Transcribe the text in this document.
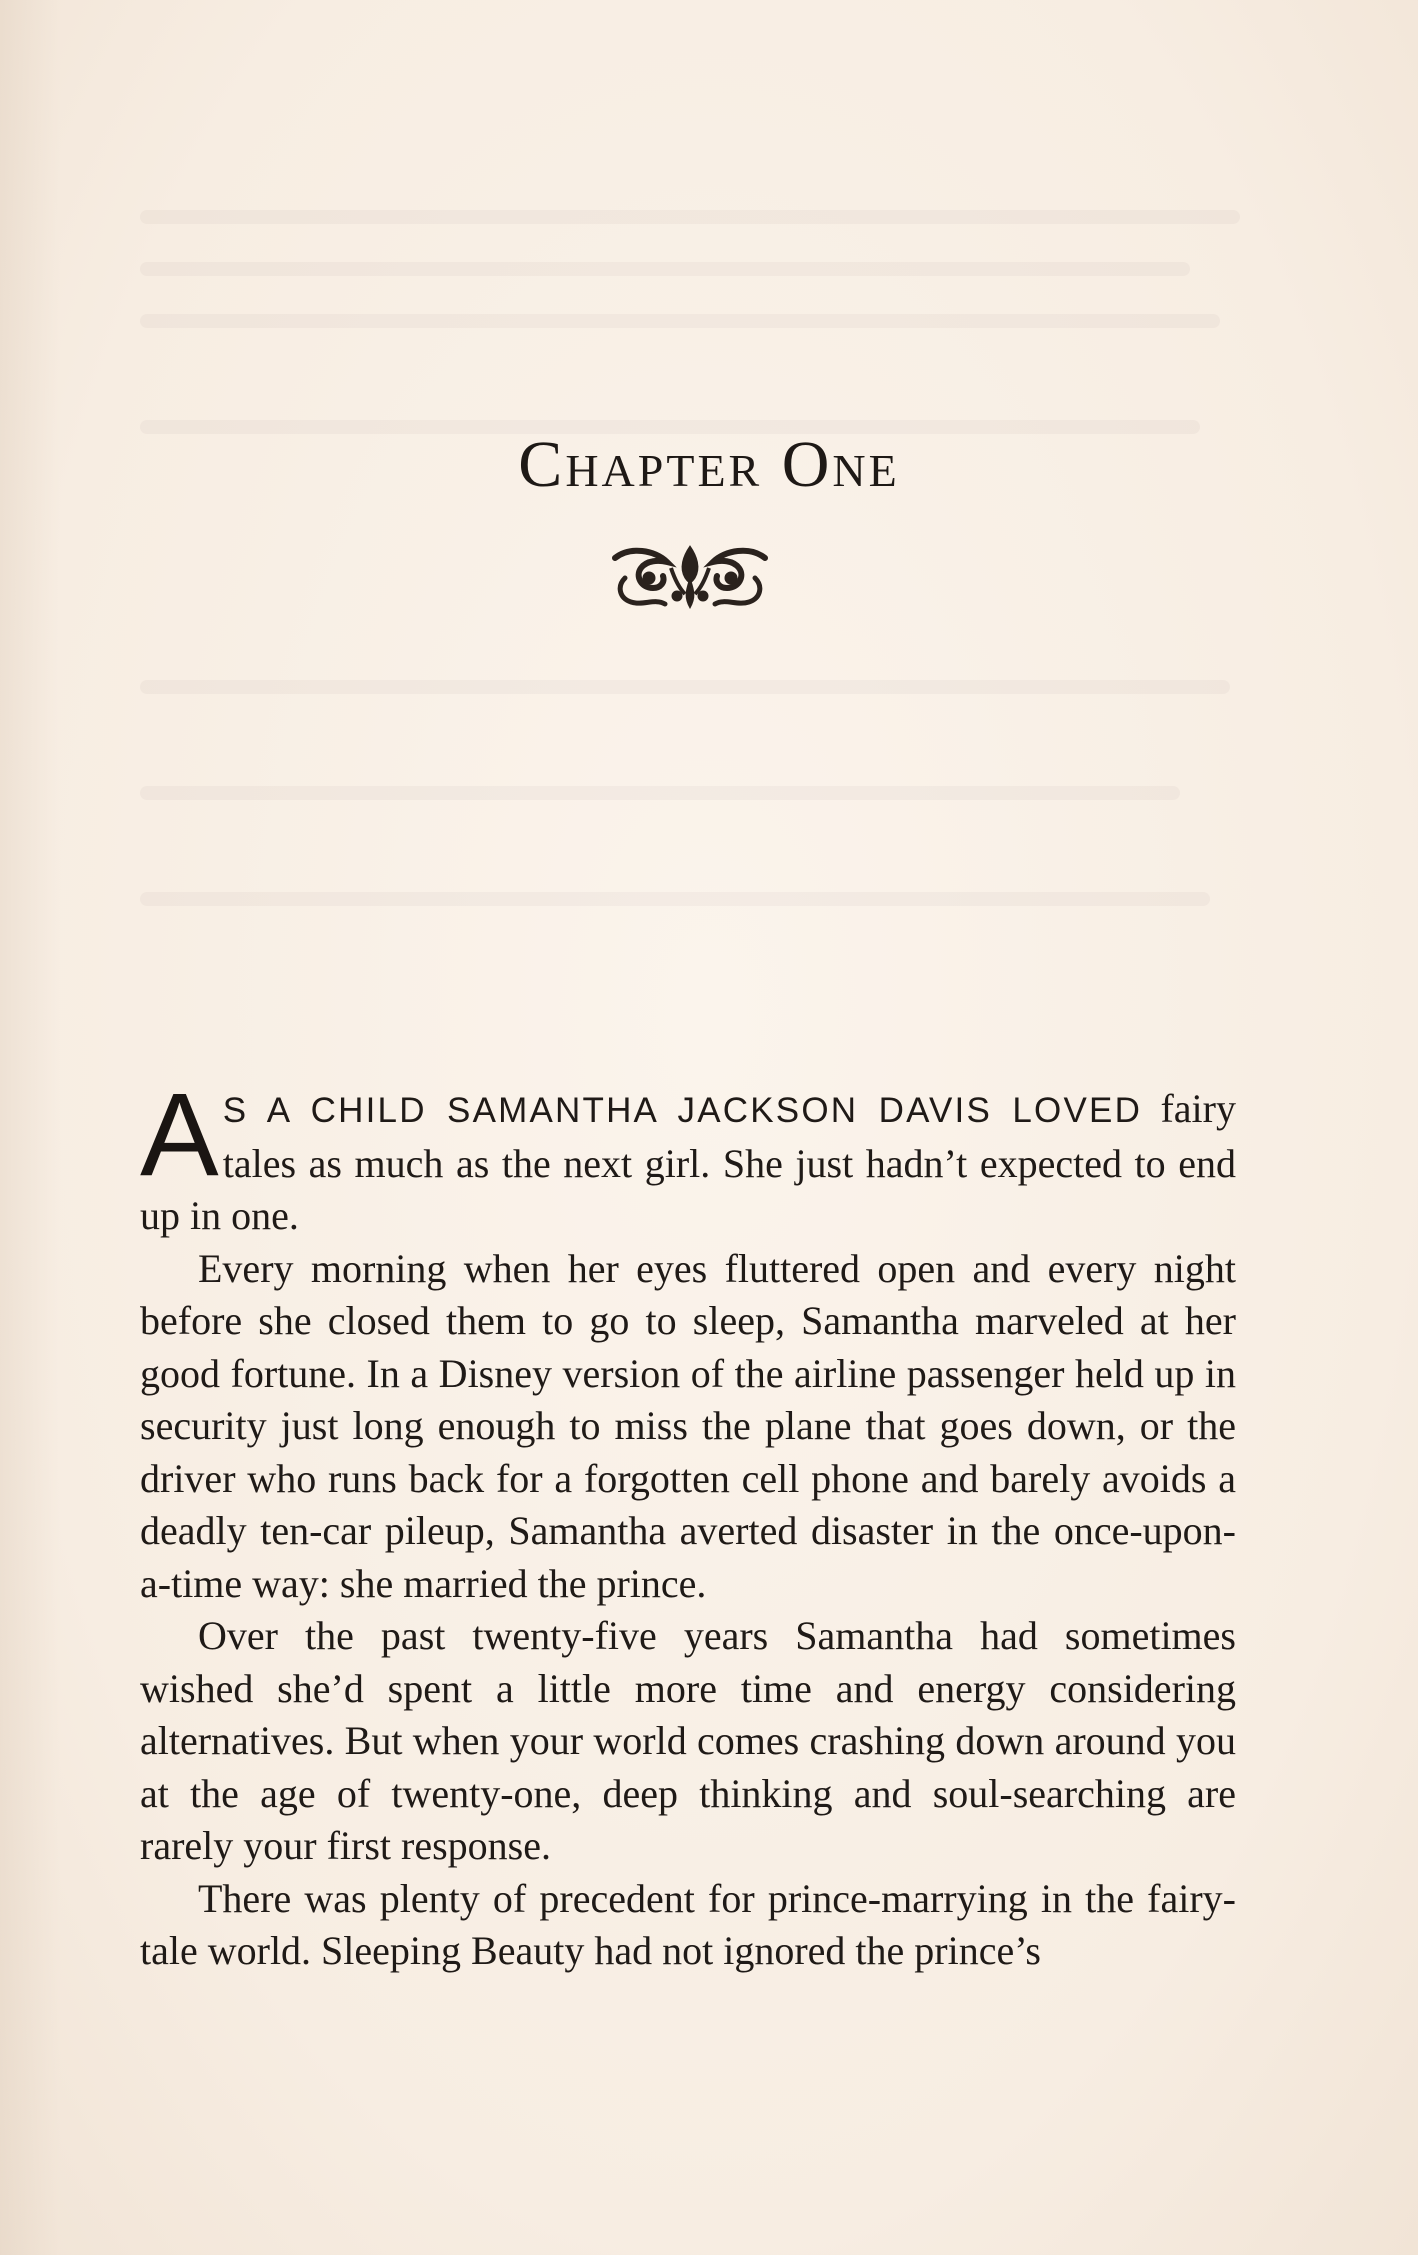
Chapter One

A S A CHILD SAMANTHA JACKSON DAVIS LOVED fairy tales as much as the next girl. She just hadn’t expected to end up in one.

Every morning when her eyes fluttered open and every night before she closed them to go to sleep, Samantha marveled at her good fortune. In a Disney version of the airline passenger held up in security just long enough to miss the plane that goes down, or the driver who runs back for a forgotten cell phone and barely avoids a deadly ten-car pileup, Samantha averted disaster in the once-upon-a-time way: she married the prince.

Over the past twenty-five years Samantha had sometimes wished she’d spent a little more time and energy considering alternatives. But when your world comes crashing down around you at the age of twenty-one, deep thinking and soul-searching are rarely your first response.

There was plenty of precedent for prince-marrying in the fairy-tale world. Sleeping Beauty had not ignored the prince’s
